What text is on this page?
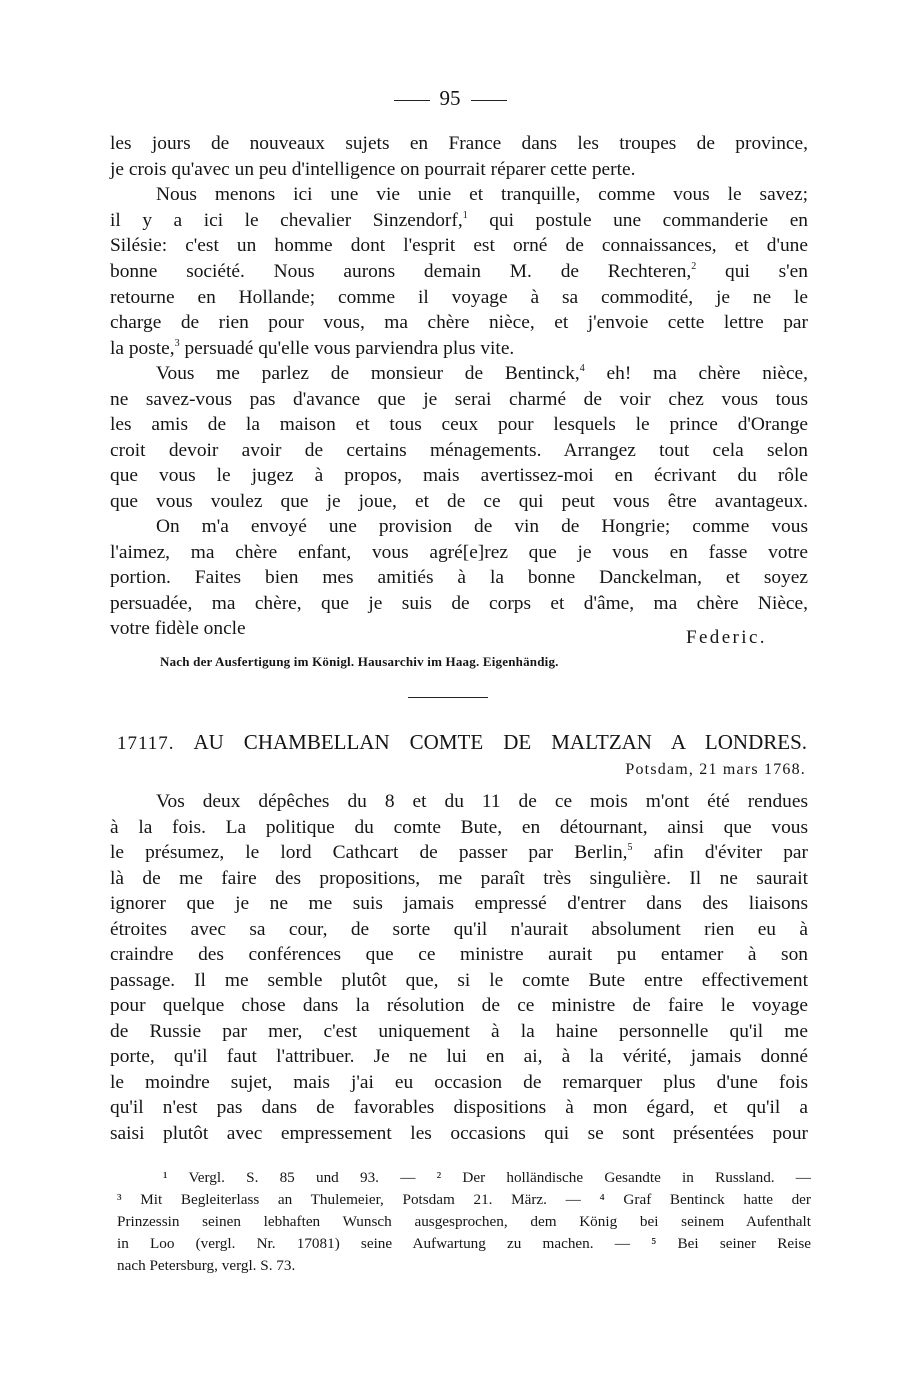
95
les jours de nouveaux sujets en France dans les troupes de province,
je crois qu'avec un peu d'intelligence on pourrait réparer cette perte.
Nous menons ici une vie unie et tranquille, comme vous le savez;
il y a ici le chevalier Sinzendorf,$^1$ qui postule une commanderie en
Silésie: c'est un homme dont l'esprit est orné de connaissances, et d'une
bonne société. Nous aurons demain M. de Rechteren,$^2$ qui s'en
retourne en Hollande; comme il voyage à sa commodité, je ne le
charge de rien pour vous, ma chère nièce, et j'envoie cette lettre par
la poste,$^3$ persuadé qu'elle vous parviendra plus vite.
Vous me parlez de monsieur de Bentinck,$^4$ eh! ma chère nièce,
ne savez-vous pas d'avance que je serai charmé de voir chez vous tous
les amis de la maison et tous ceux pour lesquels le prince d'Orange
croit devoir avoir de certains ménagements. Arrangez tout cela selon
que vous le jugez à propos, mais avertissez-moi en écrivant du rôle
que vous voulez que je joue, et de ce qui peut vous être avantageux.
On m'a envoyé une provision de vin de Hongrie; comme vous
l'aimez, ma chère enfant, vous agré[e]rez que je vous en fasse votre
portion. Faites bien mes amitiés à la bonne Danckelman, et soyez
persuadée, ma chère, que je suis de corps et d'âme, ma chère Nièce,
votre fidèle oncle	Federic.
Nach der Ausfertigung im Königl. Hausarchiv im Haag. Eigenhändig.
17117. AU CHAMBELLAN COMTE DE MALTZAN A LONDRES.
Potsdam, 21 mars 1768.
Vos deux dépêches du 8 et du 11 de ce mois m'ont été rendues
à la fois. La politique du comte Bute, en détournant, ainsi que vous
le présumez, le lord Cathcart de passer par Berlin,$^5$ afin d'éviter par
là de me faire des propositions, me paraît très singulière. Il ne saurait
ignorer que je ne me suis jamais empressé d'entrer dans des liaisons
étroites avec sa cour, de sorte qu'il n'aurait absolument rien eu à
craindre des conférences que ce ministre aurait pu entamer à son
passage. Il me semble plutôt que, si le comte Bute entre effectivement
pour quelque chose dans la résolution de ce ministre de faire le voyage
de Russie par mer, c'est uniquement à la haine personnelle qu'il me
porte, qu'il faut l'attribuer. Je ne lui en ai, à la vérité, jamais donné
le moindre sujet, mais j'ai eu occasion de remarquer plus d'une fois
qu'il n'est pas dans de favorables dispositions à mon égard, et qu'il a
saisi plutôt avec empressement les occasions qui se sont présentées pour
¹ Vergl. S. 85 und 93. — ² Der holländische Gesandte in Russland. —
³ Mit Begleiterlass an Thulemeier, Potsdam 21. März. — ⁴ Graf Bentinck hatte der
Prinzessin seinen lebhaften Wunsch ausgesprochen, dem König bei seinem Aufenthalt
in Loo (vergl. Nr. 17081) seine Aufwartung zu machen. — ⁵ Bei seiner Reise
nach Petersburg, vergl. S. 73.
